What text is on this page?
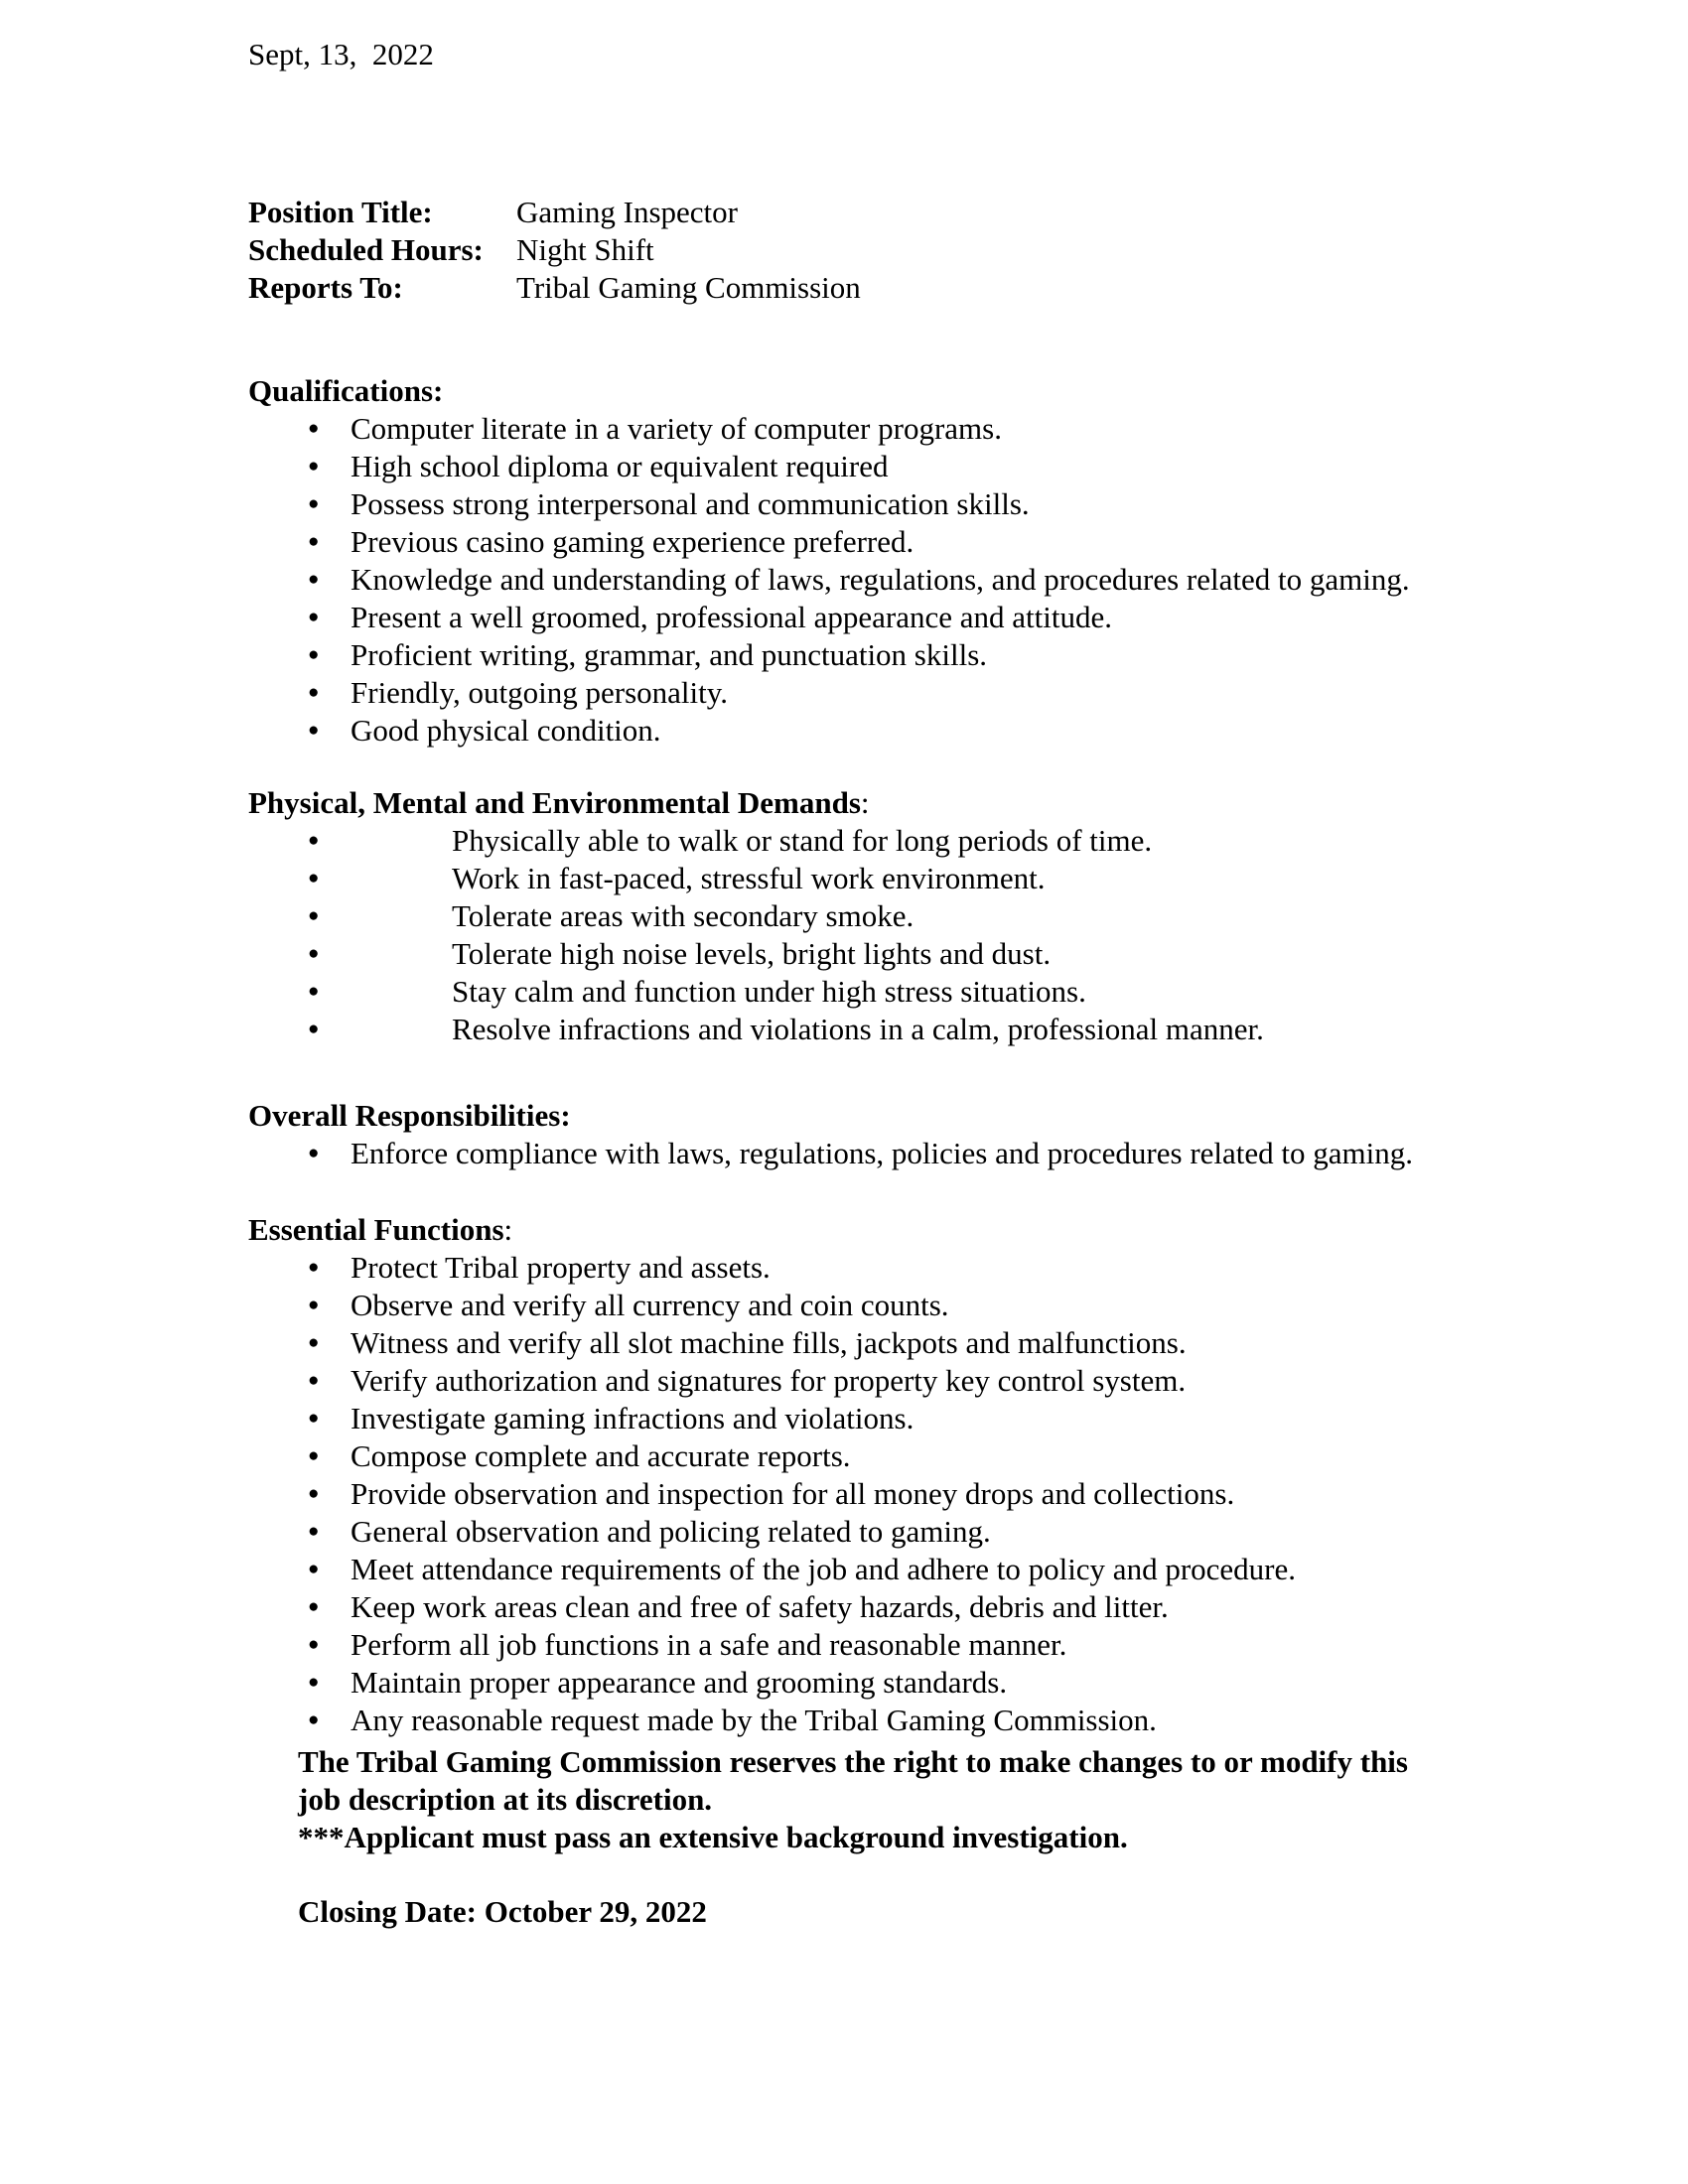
Sept, 13,  2022
Position Title:	Gaming Inspector
Scheduled Hours:	Night Shift
Reports To:	Tribal Gaming Commission
Qualifications:
●	Computer literate in a variety of computer programs.
●	High school diploma or equivalent required
●	Possess strong interpersonal and communication skills.
●	Previous casino gaming experience preferred.
●	Knowledge and understanding of laws, regulations, and procedures related to gaming.
●	Present a well groomed, professional appearance and attitude.
●	Proficient writing, grammar, and punctuation skills.
●	Friendly, outgoing personality.
●	Good physical condition.
Physical, Mental and Environmental Demands:
●	Physically able to walk or stand for long periods of time.
●	Work in fast-paced, stressful work environment.
●	Tolerate areas with secondary smoke.
●	Tolerate high noise levels, bright lights and dust.
●	Stay calm and function under high stress situations.
●	Resolve infractions and violations in a calm, professional manner.
Overall Responsibilities:
●	Enforce compliance with laws, regulations, policies and procedures related to gaming.
Essential Functions:
●	Protect Tribal property and assets.
●	Observe and verify all currency and coin counts.
●	Witness and verify all slot machine fills, jackpots and malfunctions.
●	Verify authorization and signatures for property key control system.
●	Investigate gaming infractions and violations.
●	Compose complete and accurate reports.
●	Provide observation and inspection for all money drops and collections.
●	General observation and policing related to gaming.
●	Meet attendance requirements of the job and adhere to policy and procedure.
●	Keep work areas clean and free of safety hazards, debris and litter.
●	Perform all job functions in a safe and reasonable manner.
●	Maintain proper appearance and grooming standards.
●	Any reasonable request made by the Tribal Gaming Commission.

The Tribal Gaming Commission reserves the right to make changes to or modify this job description at its discretion.

***Applicant must pass an extensive background investigation.

Closing Date: October 29, 2022
